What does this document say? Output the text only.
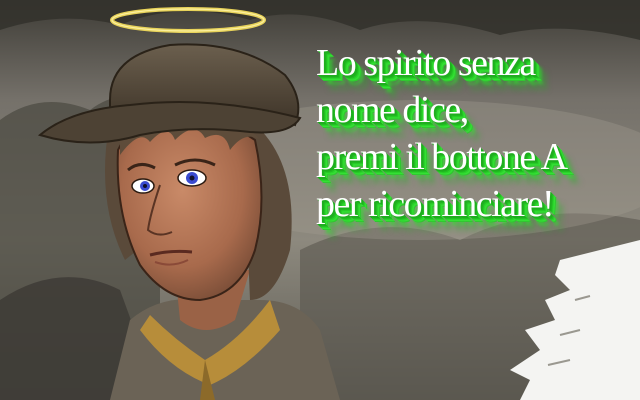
Lo spirito senza
nome dice,
premi il bottone A
per ricominciare!
